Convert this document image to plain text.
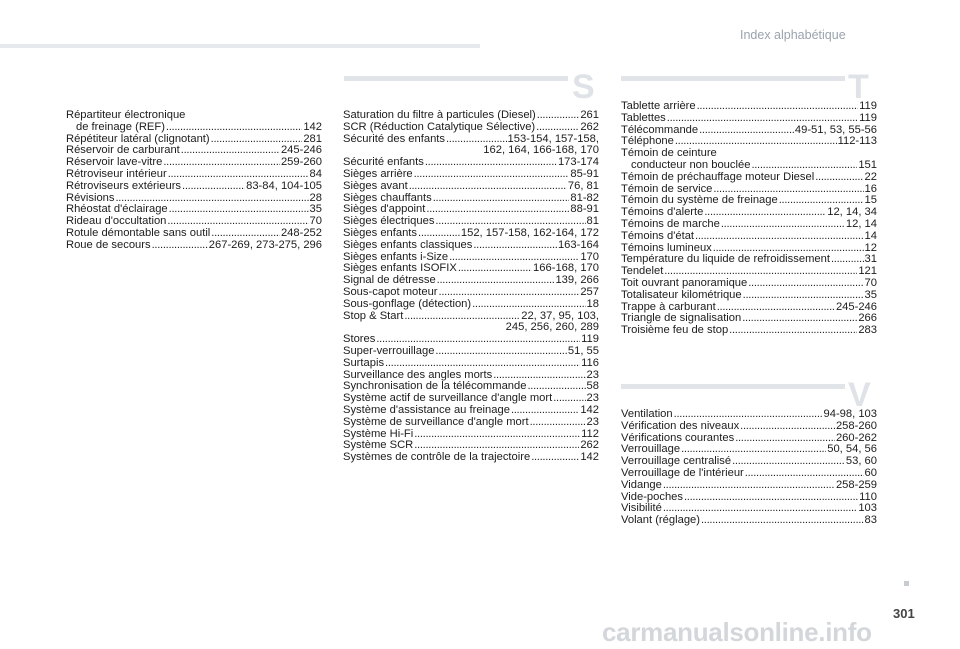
Index alphabétique
S	T
V
Répartiteur électronique
de freinage (REF) .....	142
Répétiteur latéral (clignotant) .....	281
Réservoir de carburant .....	245-246
Réservoir lave-vitre .....	259-260
Rétroviseur intérieur .....	84
Rétroviseurs extérieurs .....	83-84, 104-105
Révisions .....	28
Rhéostat d'éclairage .....	35
Rideau d'occultation .....	70
Rotule démontable sans outil .....	248-252
Roue de secours .....	267-269, 273-275, 296
Saturation du filtre à particules (Diesel) .....	261
SCR (Réduction Catalytique Sélective) .....	262
Sécurité des enfants .....	153-154, 157-158,
162, 164, 166-168, 170
Sécurité enfants .....	173-174
Sièges arrière .....	85-91
Sièges avant .....	76, 81
Sièges chauffants .....	81-82
Sièges d'appoint .....	88-91
Sièges électriques .....	81
Sièges enfants .....	152, 157-158, 162-164, 172
Sièges enfants classiques .....	163-164
Sièges enfants i-Size .....	170
Sièges enfants ISOFIX .....	166-168, 170
Signal de détresse .....	139, 266
Sous-capot moteur .....	257
Sous-gonflage (détection) .....	18
Stop & Start .....	22, 37, 95, 103,
245, 256, 260, 289
Stores .....	119
Super-verrouillage .....	51, 55
Surtapis .....	116
Surveillance des angles morts .....	23
Synchronisation de la télécommande .....	58
Système actif de surveillance d'angle mort .....	23
Système d'assistance au freinage .....	142
Système de surveillance d'angle mort .....	23
Système Hi-Fi .....	112
Système SCR .....	262
Systèmes de contrôle de la trajectoire .....	142
Tablette arrière .....	119
Tablettes .....	119
Télécommande .....	49-51, 53, 55-56
Téléphone .....	112-113
Témoin de ceinture
conducteur non bouclée .....	151
Témoin de préchauffage moteur Diesel .....	22
Témoin de service .....	16
Témoin du système de freinage .....	15
Témoins d'alerte .....	12, 14, 34
Témoins de marche .....	12, 14
Témoins d'état .....	14
Témoins lumineux .....	12
Température du liquide de refroidissement .....	31
Tendelet .....	121
Toit ouvrant panoramique .....	70
Totalisateur kilométrique .....	35
Trappe à carburant .....	245-246
Triangle de signalisation .....	266
Troisième feu de stop .....	283
Ventilation .....	94-98, 103
Vérification des niveaux .....	258-260
Vérifications courantes .....	260-262
Verrouillage .....	50, 54, 56
Verrouillage centralisé .....	53, 60
Verrouillage de l'intérieur .....	60
Vidange .....	258-259
Vide-poches .....	110
Visibilité .....	103
Volant (réglage) .....	83
301
carmanualsonline.info
